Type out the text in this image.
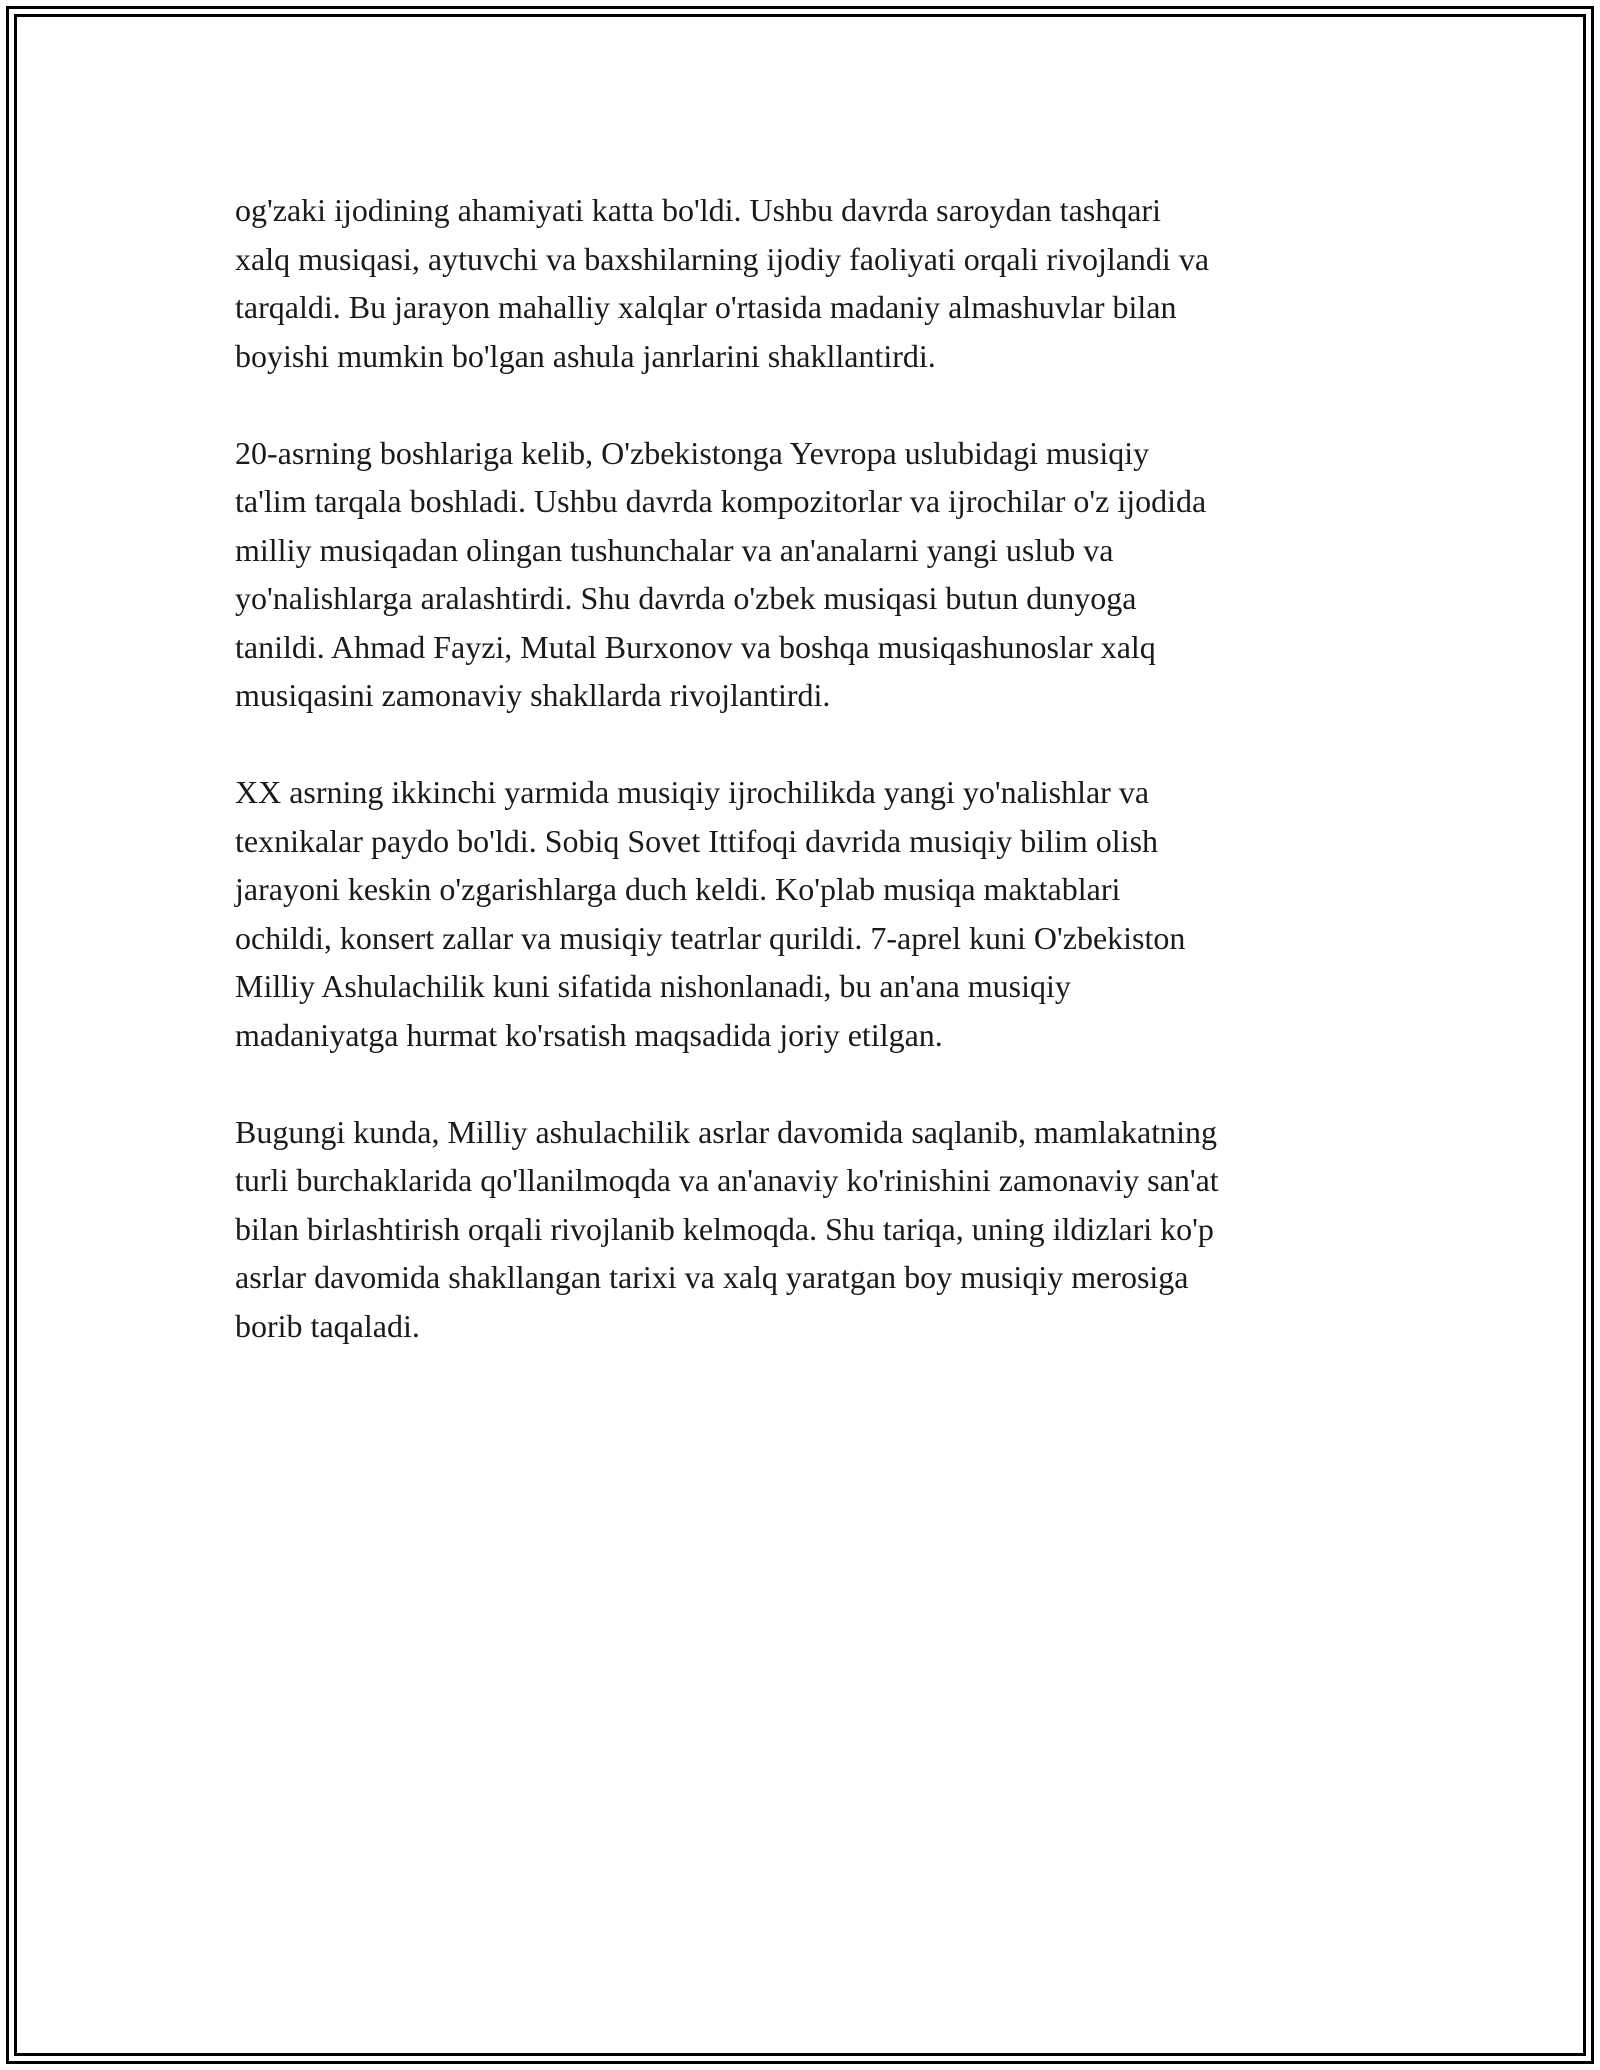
og'zaki ijodining ahamiyati katta bo'ldi. Ushbu davrda saroydan tashqari
xalq musiqasi, aytuvchi va baxshilarning ijodiy faoliyati orqali rivojlandi va
tarqaldi. Bu jarayon mahalliy xalqlar o'rtasida madaniy almashuvlar bilan
boyishi mumkin bo'lgan ashula janrlarini shakllantirdi.

20-asrning boshlariga kelib, O'zbekistonga Yevropa uslubidagi musiqiy
ta'lim tarqala boshladi. Ushbu davrda kompozitorlar va ijrochilar o'z ijodida
milliy musiqadan olingan tushunchalar va an'analarni yangi uslub va
yo'nalishlarga aralashtirdi. Shu davrda o'zbek musiqasi butun dunyoga
tanildi. Ahmad Fayzi, Mutal Burxonov va boshqa musiqashunoslar xalq
musiqasini zamonaviy shakllarda rivojlantirdi.

XX asrning ikkinchi yarmida musiqiy ijrochilikda yangi yo'nalishlar va
texnikalar paydo bo'ldi. Sobiq Sovet Ittifoqi davrida musiqiy bilim olish
jarayoni keskin o'zgarishlarga duch keldi. Ko'plab musiqa maktablari
ochildi, konsert zallar va musiqiy teatrlar qurildi. 7-aprel kuni O'zbekiston
Milliy Ashulachilik kuni sifatida nishonlanadi, bu an'ana musiqiy
madaniyatga hurmat ko'rsatish maqsadida joriy etilgan.

Bugungi kunda, Milliy ashulachilik asrlar davomida saqlanib, mamlakatning
turli burchaklarida qo'llanilmoqda va an'anaviy ko'rinishini zamonaviy san'at
bilan birlashtirish orqali rivojlanib kelmoqda. Shu tariqa, uning ildizlari ko'p
asrlar davomida shakllangan tarixi va xalq yaratgan boy musiqiy merosiga
borib taqaladi.
